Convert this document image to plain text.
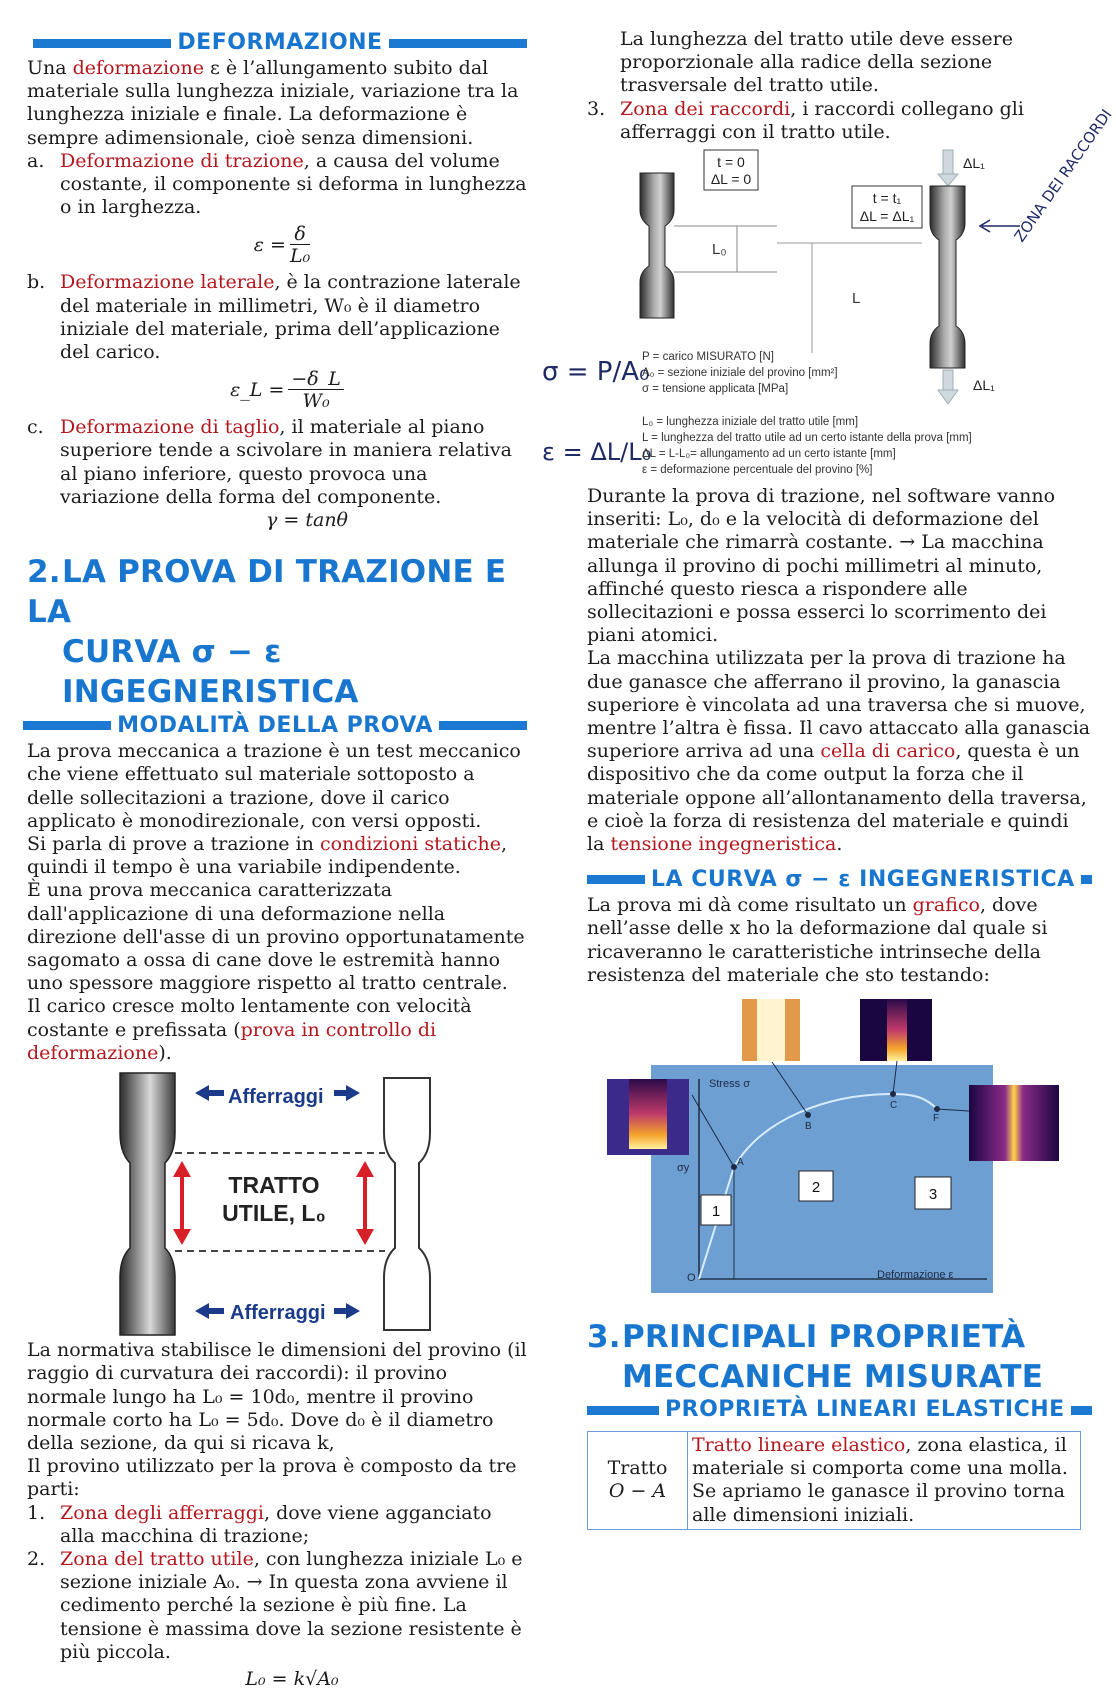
DEFORMAZIONE

Una deformazione ε è l’allungamento subito dal materiale sulla lunghezza iniziale, variazione tra la lunghezza iniziale e finale. La deformazione è sempre adimensionale, cioè senza dimensioni.

a. Deformazione di trazione, a causa del volume costante, il componente si deforma in lunghezza o in larghezza.
$\varepsilon = \frac{\delta}{\text{L₀}}$
b. Deformazione laterale, è la contrazione laterale del materiale in millimetri, W₀ è il diametro iniziale del materiale, prima dell’applicazione del carico.
ε_L = $\frac{-\delta\_L}{\text{W₀}}$
c. Deformazione di taglio, il materiale al piano superiore tende a scivolare in maniera relativa al piano inferiore, questo provoca una variazione della forma del componente.
γ = tanθ
2.LA PROVA DI TRAZIONE E LA
CURVA σ − ε INGEGNERISTICA
MODALITÀ DELLA PROVA

La prova meccanica a trazione è un test meccanico che viene effettuato sul materiale sottoposto a delle sollecitazioni a trazione, dove il carico applicato è monodirezionale, con versi opposti.

Si parla di prove a trazione in condizioni statiche, quindi il tempo è una variabile indipendente.

È una prova meccanica caratterizzata dall'applicazione di una deformazione nella direzione dell'asse di un provino opportunatamente sagomato a ossa di cane dove le estremità hanno uno spessore maggiore rispetto al tratto centrale. Il carico cresce molto lentamente con velocità costante e prefissata (prova in controllo di deformazione).

Afferraggi
Afferraggi
TRATTO
UTILE, L₀

La normativa stabilisce le dimensioni del provino (il raggio di curvatura dei raccordi): il provino normale lungo ha L₀ = 10d₀, mentre il provino normale corto ha L₀ = 5d₀. Dove d₀ è il diametro della sezione, da qui si ricava k,

Il provino utilizzato per la prova è composto da tre parti:

1. Zona degli afferraggi, dove viene agganciato alla macchina di trazione;
2. Zona del tratto utile, con lunghezza iniziale L₀ e sezione iniziale A₀. → In questa zona avviene il cedimento perché la sezione è più fine. La tensione è massima dove la sezione resistente è più piccola.
L₀ = k√A₀

La lunghezza del tratto utile deve essere proporzionale alla radice della sezione trasversale del tratto utile.

3. Zona dei raccordi, i raccordi collegano gli afferraggi con il tratto utile.
t = 0
ΔL = 0
L₀
L
ΔL₁
t = t₁
ΔL = ΔL₁
ΔL₁
ZONA DEI RACCORDI
σ = P/A₀
ε = ΔL/L₀
P = carico MISURATO [N]
A₀ = sezione iniziale del provino [mm²]
σ = tensione applicata [MPa]
L₀ = lunghezza iniziale del tratto utile [mm]
L = lunghezza del tratto utile ad un certo istante della prova [mm]
ΔL = L-L₀= allungamento ad un certo istante [mm]
ε = deformazione percentuale del provino [%]

Durante la prova di trazione, nel software vanno inseriti: L₀, d₀ e la velocità di deformazione del materiale che rimarrà costante. → La macchina allunga il provino di pochi millimetri al minuto, affinché questo riesca a rispondere alle sollecitazioni e possa esserci lo scorrimento dei piani atomici.

La macchina utilizzata per la prova di trazione ha due ganasce che afferrano il provino, la ganascia superiore è vincolata ad una traversa che si muove, mentre l’altra è fissa. Il cavo attaccato alla ganascia superiore arriva ad una cella di carico, questa è un dispositivo che da come output la forza che il materiale oppone all’allontanamento della traversa, e cioè la forza di resistenza del materiale e quindi la tensione ingegneristica.

LA CURVA σ − ε INGEGNERISTICA

La prova mi dà come risultato un grafico, dove nell’asse delle x ho la deformazione dal quale si ricaveranno le caratteristiche intrinseche della resistenza del materiale che sto testando:

Stress σ
Deformazione ε
O
σy	A
B
C
F
1
2	3
3.PRINCIPALI PROPRIETÀ
MECCANICHE MISURATE
PROPRIETÀ LINEARI ELASTICHE
Tratto
O − A
	Tratto lineare elastico, zona elastica, il materiale si comporta come una molla. Se apriamo le ganasce il provino torna alle dimensioni iniziali.
